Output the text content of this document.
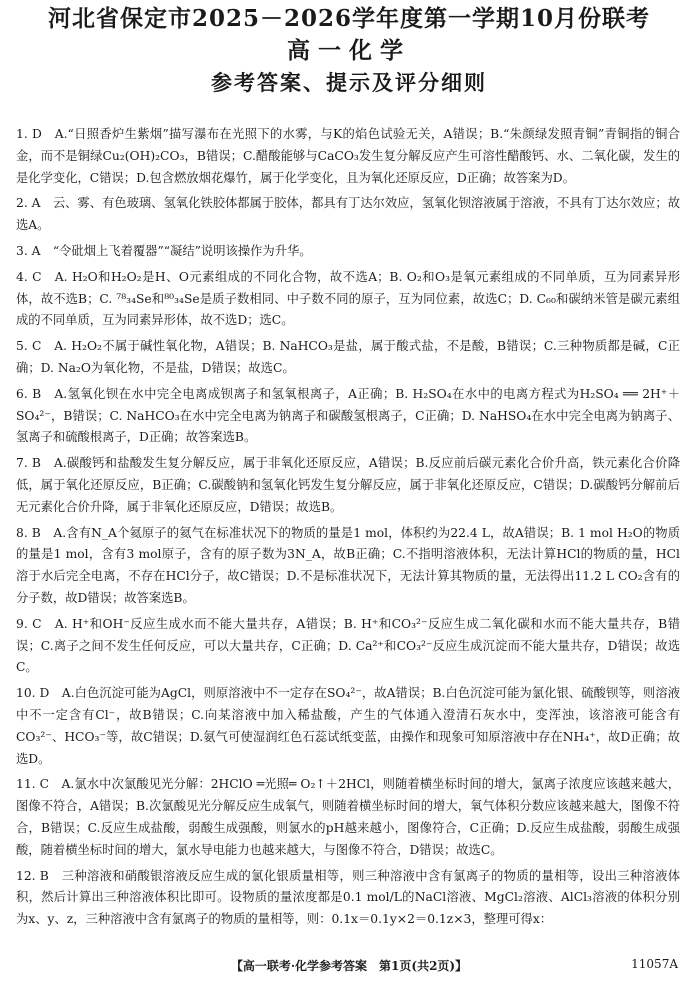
河北省保定市2025－2026学年度第一学期10月份联考
高一化学
参考答案、提示及评分细则
1. D　A.“日照香炉生紫烟”描写瀑布在光照下的水雾，与K的焰色试验无关，A错误；B.“朱颜绿发照青铜”青铜指的铜合金，而不是铜绿Cu₂(OH)₂CO₃，B错误；C.醋酸能够与CaCO₃发生复分解反应产生可溶性醋酸钙、水、二氧化碳，发生的是化学变化，C错误；D.包含燃放烟花爆竹，属于化学变化，且为氧化还原反应，D正确；故答案为D。
2. A　云、雾、有色玻璃、氢氧化铁胶体都属于胶体，都具有丁达尔效应，氢氧化钡溶液属于溶液，不具有丁达尔效应；故选A。
3. A　“令砒烟上飞着覆器”“凝结”说明该操作为升华。
4. C　A. H₂O和H₂O₂是H、O元素组成的不同化合物，故不选A；B. O₂和O₃是氧元素组成的不同单质，互为同素异形体，故不选B；C. ⁷⁸₃₄Se和⁸⁰₃₄Se是质子数相同、中子数不同的原子，互为同位素，故选C；D. C₆₀和碳纳米管是碳元素组成的不同单质，互为同素异形体，故不选D；选C。
5. C　A. H₂O₂不属于碱性氧化物，A错误；B. NaHCO₃是盐，属于酸式盐，不是酸，B错误；C.三种物质都是碱，C正确；D. Na₂O为氧化物，不是盐，D错误；故选C。
6. B　A.氢氧化钡在水中完全电离成钡离子和氢氧根离子，A正确；B. H₂SO₄在水中的电离方程式为H₂SO₄ ══ 2H⁺＋SO₄²⁻，B错误；C. NaHCO₃在水中完全电离为钠离子和碳酸氢根离子，C正确；D. NaHSO₄在水中完全电离为钠离子、氢离子和硫酸根离子，D正确；故答案选B。
7. B　A.碳酸钙和盐酸发生复分解反应，属于非氧化还原反应，A错误；B.反应前后碳元素化合价升高，铁元素化合价降低，属于氧化还原反应，B正确；C.碳酸钠和氢氧化钙发生复分解反应，属于非氧化还原反应，C错误；D.碳酸钙分解前后无元素化合价升降，属于非氧化还原反应，D错误；故选B。
8. B　A.含有N_A个氦原子的氦气在标准状况下的物质的量是1 mol，体积约为22.4 L，故A错误；B. 1 mol H₂O的物质的量是1 mol，含有3 mol原子，含有的原子数为3N_A，故B正确；C.不指明溶液体积，无法计算HCl的物质的量，HCl溶于水后完全电离，不存在HCl分子，故C错误；D.不是标准状况下，无法计算其物质的量，无法得出11.2 L CO₂含有的分子数，故D错误；故答案选B。
9. C　A. H⁺和OH⁻反应生成水而不能大量共存，A错误；B. H⁺和CO₃²⁻反应生成二氧化碳和水而不能大量共存，B错误；C.离子之间不发生任何反应，可以大量共存，C正确；D. Ca²⁺和CO₃²⁻反应生成沉淀而不能大量共存，D错误；故选C。
10. D　A.白色沉淀可能为AgCl，则原溶液中不一定存在SO₄²⁻，故A错误；B.白色沉淀可能为氯化银、硫酸钡等，则溶液中不一定含有Cl⁻，故B错误；C.向某溶液中加入稀盐酸，产生的气体通入澄清石灰水中，变浑浊，该溶液可能含有CO₃²⁻、HCO₃⁻等，故C错误；D.氨气可使湿润红色石蕊试纸变蓝，由操作和现象可知原溶液中存在NH₄⁺，故D正确；故选D。
11. C　A.氯水中次氯酸见光分解：2HClO ═光照═ O₂↑＋2HCl，则随着横坐标时间的增大，氯离子浓度应该越来越大，图像不符合，A错误；B.次氯酸见光分解反应生成氧气，则随着横坐标时间的增大，氧气体积分数应该越来越大，图像不符合，B错误；C.反应生成盐酸，弱酸生成强酸，则氯水的pH越来越小，图像符合，C正确；D.反应生成盐酸，弱酸生成强酸，随着横坐标时间的增大，氯水导电能力也越来越大，与图像不符合，D错误；故选C。
12. B　三种溶液和硝酸银溶液反应生成的氯化银质量相等，则三种溶液中含有氯离子的物质的量相等，设出三种溶液体积，然后计算出三种溶液体积比即可。设物质的量浓度都是0.1 mol/L的NaCl溶液、MgCl₂溶液、AlCl₃溶液的体积分别为x、y、z，三种溶液中含有氯离子的物质的量相等，则：0.1x＝0.1y×2＝0.1z×3，整理可得x：
【高一联考·化学参考答案　第1页(共2页)】	11057A
